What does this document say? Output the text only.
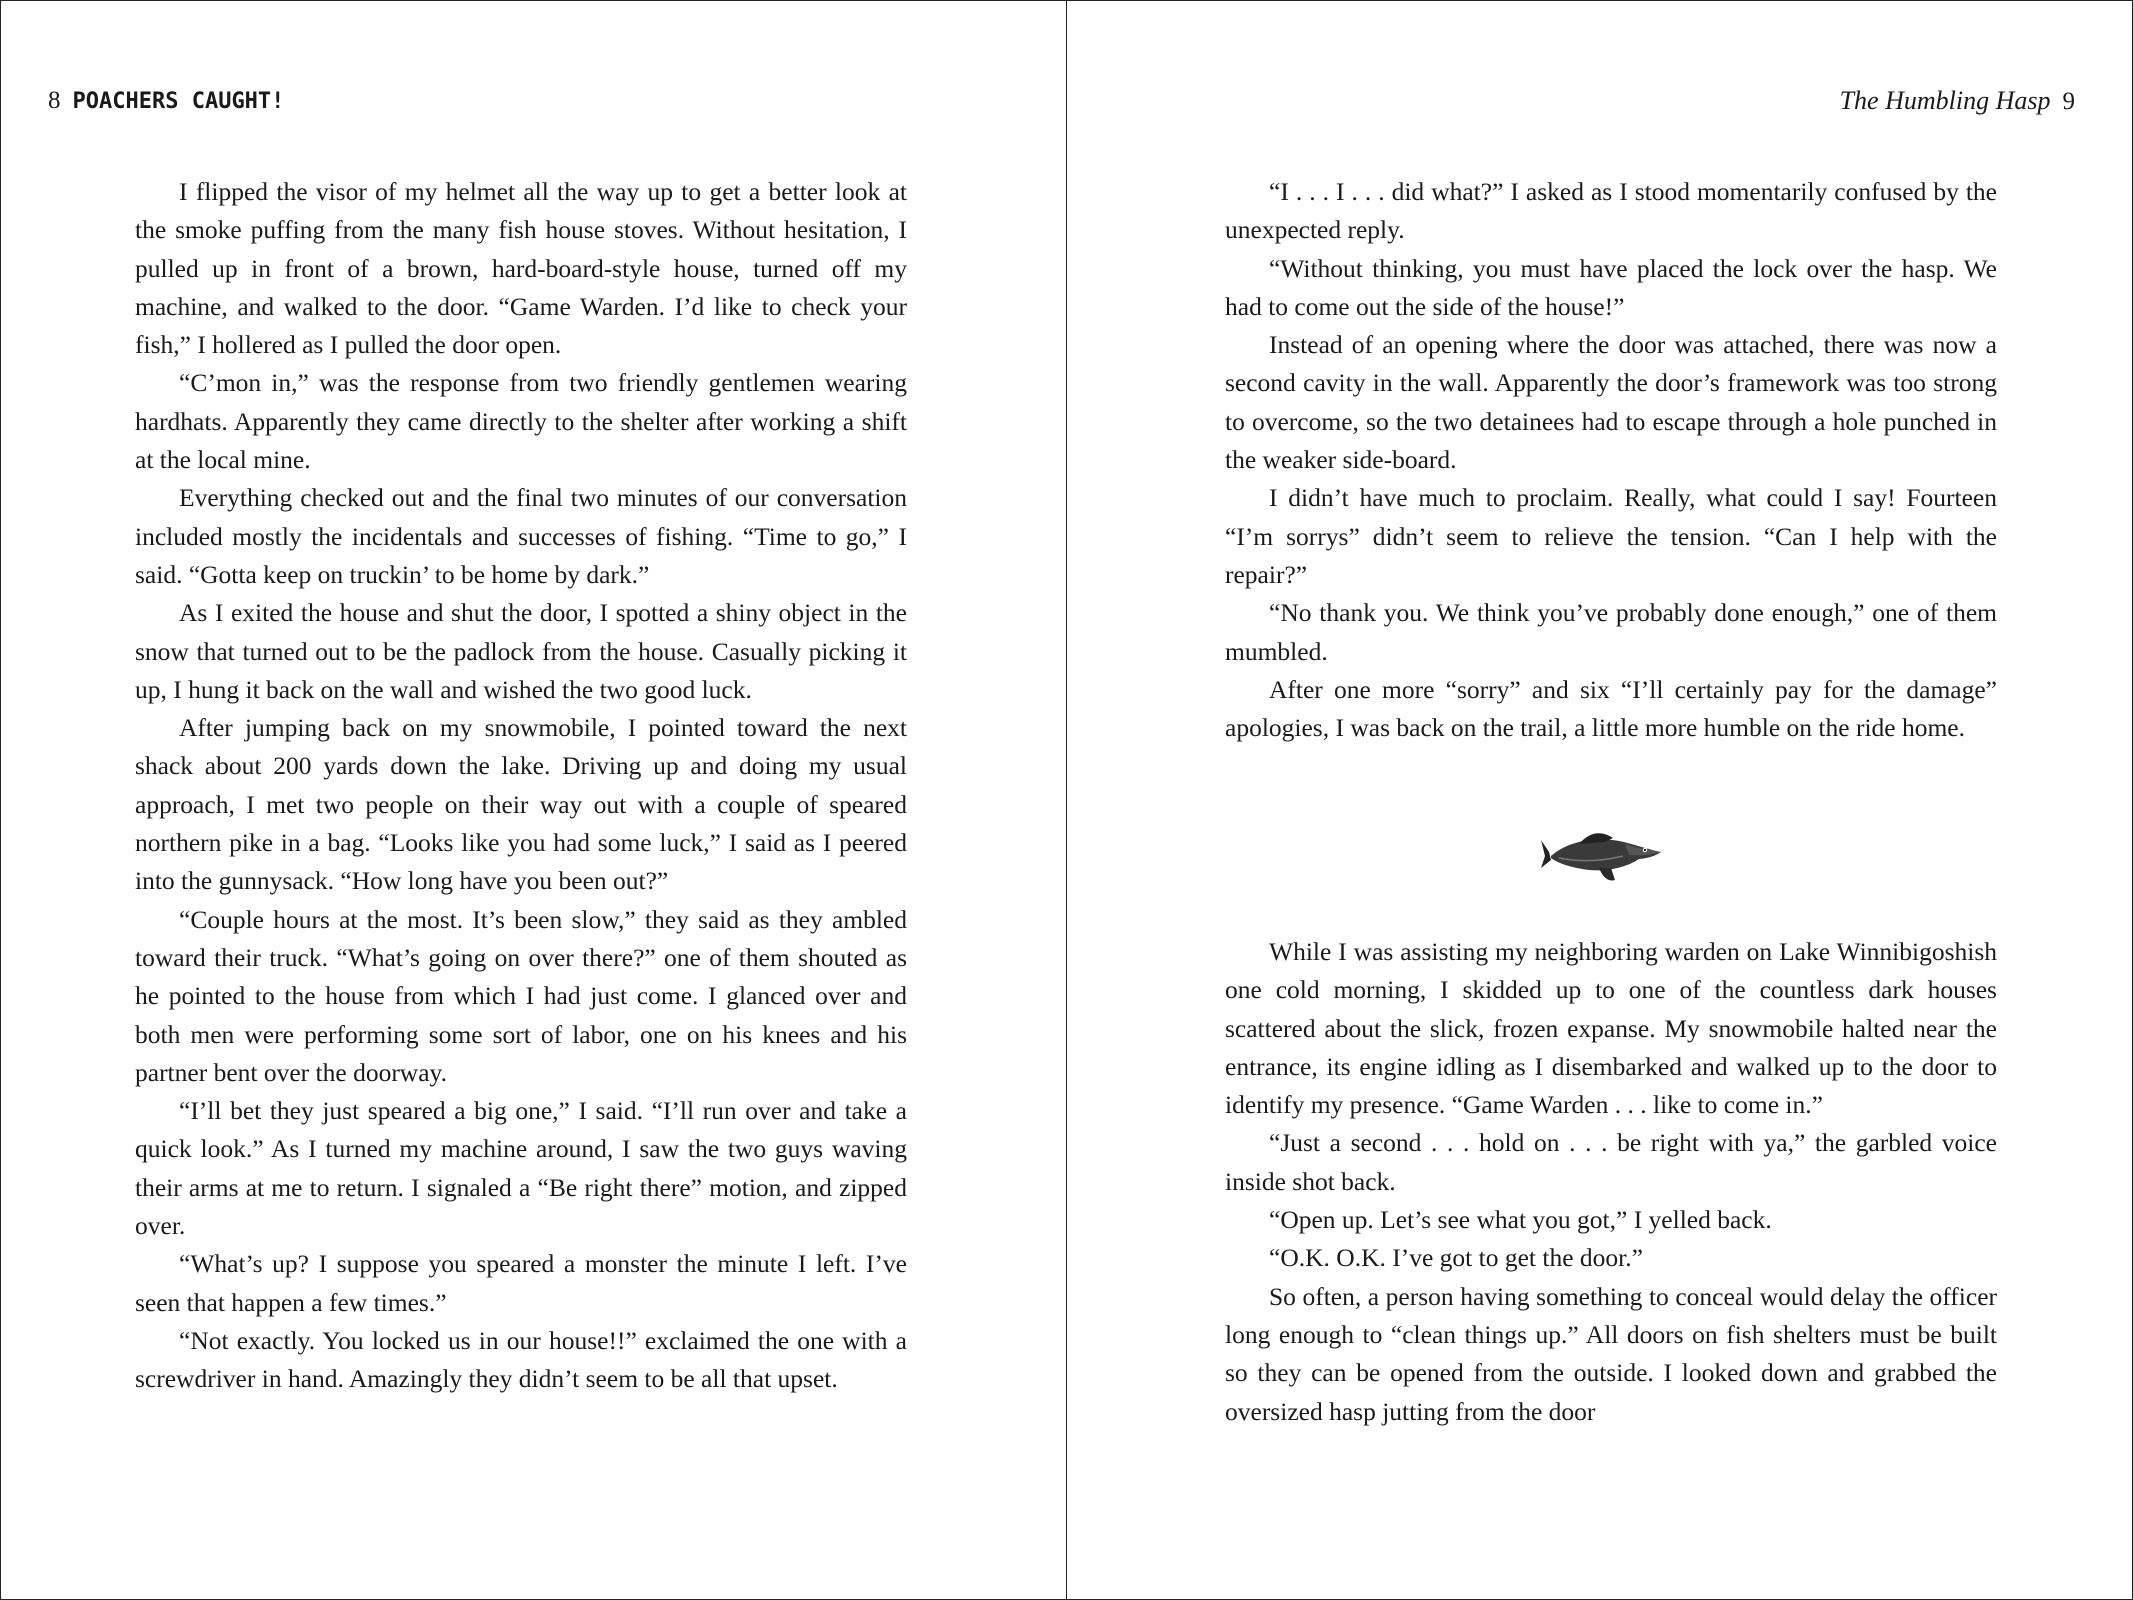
8 POACHERS CAUGHT!

I flipped the visor of my helmet all the way up to get a better look at the smoke puffing from the many fish house stoves. Without hesitation, I pulled up in front of a brown, hard-board-style house, turned off my machine, and walked to the door. “Game Warden. I’d like to check your fish,” I hollered as I pulled the door open.

“C’mon in,” was the response from two friendly gentlemen wearing hardhats. Apparently they came directly to the shelter after working a shift at the local mine.

Everything checked out and the final two minutes of our conversation included mostly the incidentals and successes of fishing. “Time to go,” I said. “Gotta keep on truckin’ to be home by dark.”

As I exited the house and shut the door, I spotted a shiny object in the snow that turned out to be the padlock from the house. Casually picking it up, I hung it back on the wall and wished the two good luck.

After jumping back on my snowmobile, I pointed toward the next shack about 200 yards down the lake. Driving up and doing my usual approach, I met two people on their way out with a couple of speared northern pike in a bag. “Looks like you had some luck,” I said as I peered into the gunnysack. “How long have you been out?”

“Couple hours at the most. It’s been slow,” they said as they ambled toward their truck. “What’s going on over there?” one of them shouted as he pointed to the house from which I had just come. I glanced over and both men were performing some sort of labor, one on his knees and his partner bent over the doorway.

“I’ll bet they just speared a big one,” I said. “I’ll run over and take a quick look.” As I turned my machine around, I saw the two guys waving their arms at me to return. I signaled a “Be right there” motion, and zipped over.

“What’s up? I suppose you speared a monster the minute I left. I’ve seen that happen a few times.”

“Not exactly. You locked us in our house!!” exclaimed the one with a screwdriver in hand. Amazingly they didn’t seem to be all that upset.

The Humbling Hasp 9

“I . . . I . . . did what?” I asked as I stood momentarily confused by the unexpected reply.

“Without thinking, you must have placed the lock over the hasp. We had to come out the side of the house!”

Instead of an opening where the door was attached, there was now a second cavity in the wall. Apparently the door’s framework was too strong to overcome, so the two detainees had to escape through a hole punched in the weaker side-board.

I didn’t have much to proclaim. Really, what could I say! Fourteen “I’m sorrys” didn’t seem to relieve the tension. “Can I help with the repair?”

“No thank you. We think you’ve probably done enough,” one of them mumbled.

After one more “sorry” and six “I’ll certainly pay for the damage” apologies, I was back on the trail, a little more humble on the ride home.

While I was assisting my neighboring warden on Lake Winnibigoshish one cold morning, I skidded up to one of the countless dark houses scattered about the slick, frozen expanse. My snowmobile halted near the entrance, its engine idling as I disembarked and walked up to the door to identify my presence. “Game Warden . . . like to come in.”

“Just a second . . . hold on . . . be right with ya,” the garbled voice inside shot back.

“Open up. Let’s see what you got,” I yelled back.

“O.K. O.K. I’ve got to get the door.”

So often, a person having something to conceal would delay the officer long enough to “clean things up.” All doors on fish shelters must be built so they can be opened from the outside. I looked down and grabbed the oversized hasp jutting from the door
